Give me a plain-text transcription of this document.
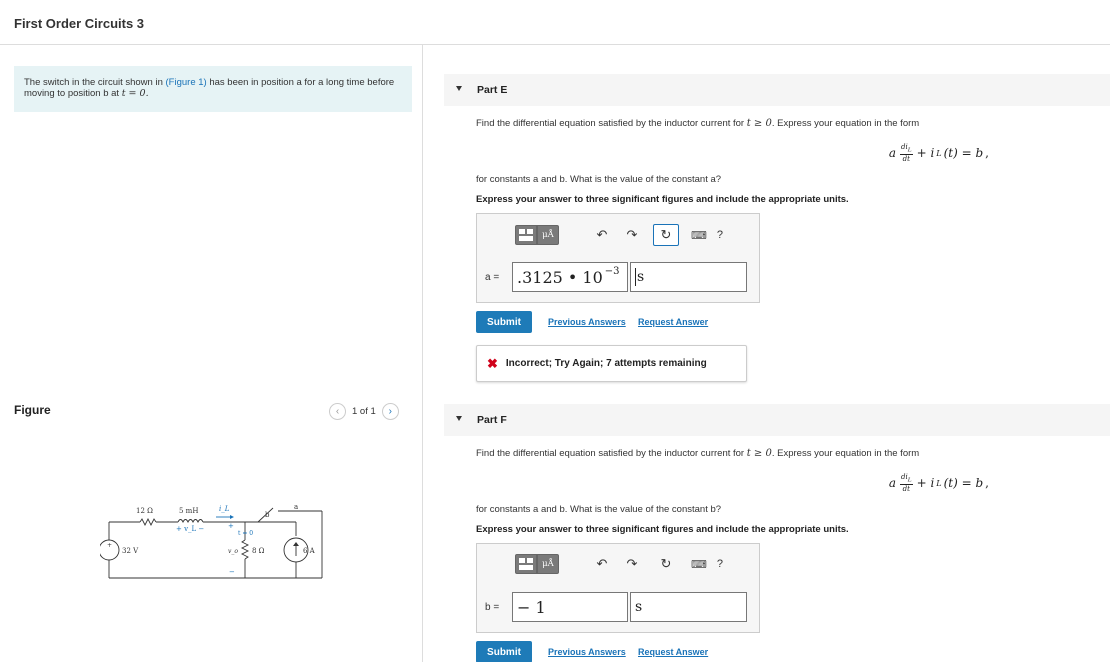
First Order Circuits 3
The switch in the circuit shown in (Figure 1) has been in position a for a long time before moving to position b at t = 0.
Figure	‹	1 of 1	›
12 Ω	5 mH	i_L
+ v_L −
32 V	8 Ω	6 A
b
a
t = 0
v_o
+
−
+
Part E
Find the differential equation satisfied by the inductor current for t ≥ 0. Express your equation in the form
a $\frac{di_L}{dt} + i$ L (t) = b ,
for constants a and b. What is the value of the constant a?
Express your answer to three significant figures and include the appropriate units.
μÅ	↶	↷	↻	⌨ ?
a = .3125 • $10^{-3}$ s
Submit	Previous Answers Request Answer
✖ Incorrect; Try Again; 7 attempts remaining
Part F
Find the differential equation satisfied by the inductor current for t ≥ 0. Express your equation in the form
a $\frac{di_L}{dt} + i$ L (t) = b ,
for constants a and b. What is the value of the constant b?
Express your answer to three significant figures and include the appropriate units.
μÅ	↶	↷	↻	⌨ ?
b = − 1	s
Submit	Previous Answers Request Answer
